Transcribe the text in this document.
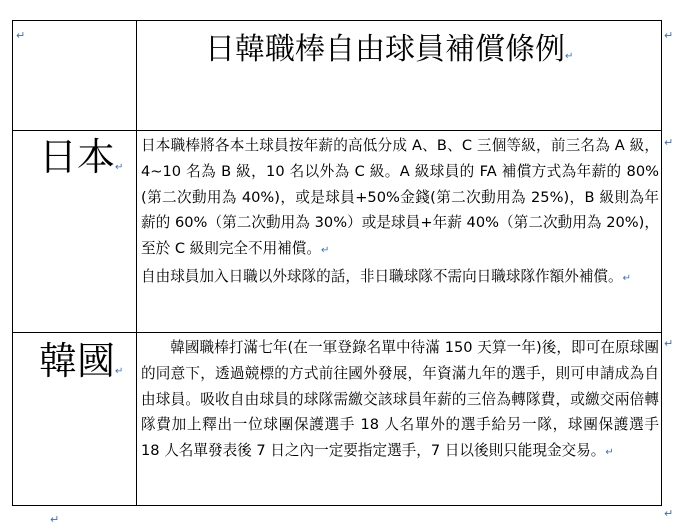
↵	↵
↵
↵
↵
↵

	日韓職棒自由球員補償條例↵

日本↵	日本職棒將各本土球員按年薪的高低分成 A、B、C 三個等級，前三名為 A 級，4~10 名為 B 級，10 名以外為 C 級。A 級球員的 FA 補償方式為年薪的 80%(第二次動用為 40%)，或是球員+50%金錢(第二次動用為 25%)，B 級則為年薪的 60%（第二次動用為 30%）或是球員+年薪 40%（第二次動用為 20%)，至於 C 級則完全不用補償。↵

自由球員加入日職以外球隊的話，非日職球隊不需向日職球隊作額外補償。↵

韓國↵	韓國職棒打滿七年(在一軍登錄名單中待滿 150 天算一年)後，即可在原球團的同意下，透過競標的方式前往國外發展，年資滿九年的選手，則可申請成為自由球員。吸收自由球員的球隊需繳交該球員年薪的三倍為轉隊費，或繳交兩倍轉隊費加上釋出一位球團保護選手 18 人名單外的選手給另一隊，球團保護選手 18 人名單發表後 7 日之內一定要指定選手，7 日以後則只能現金交易。↵
